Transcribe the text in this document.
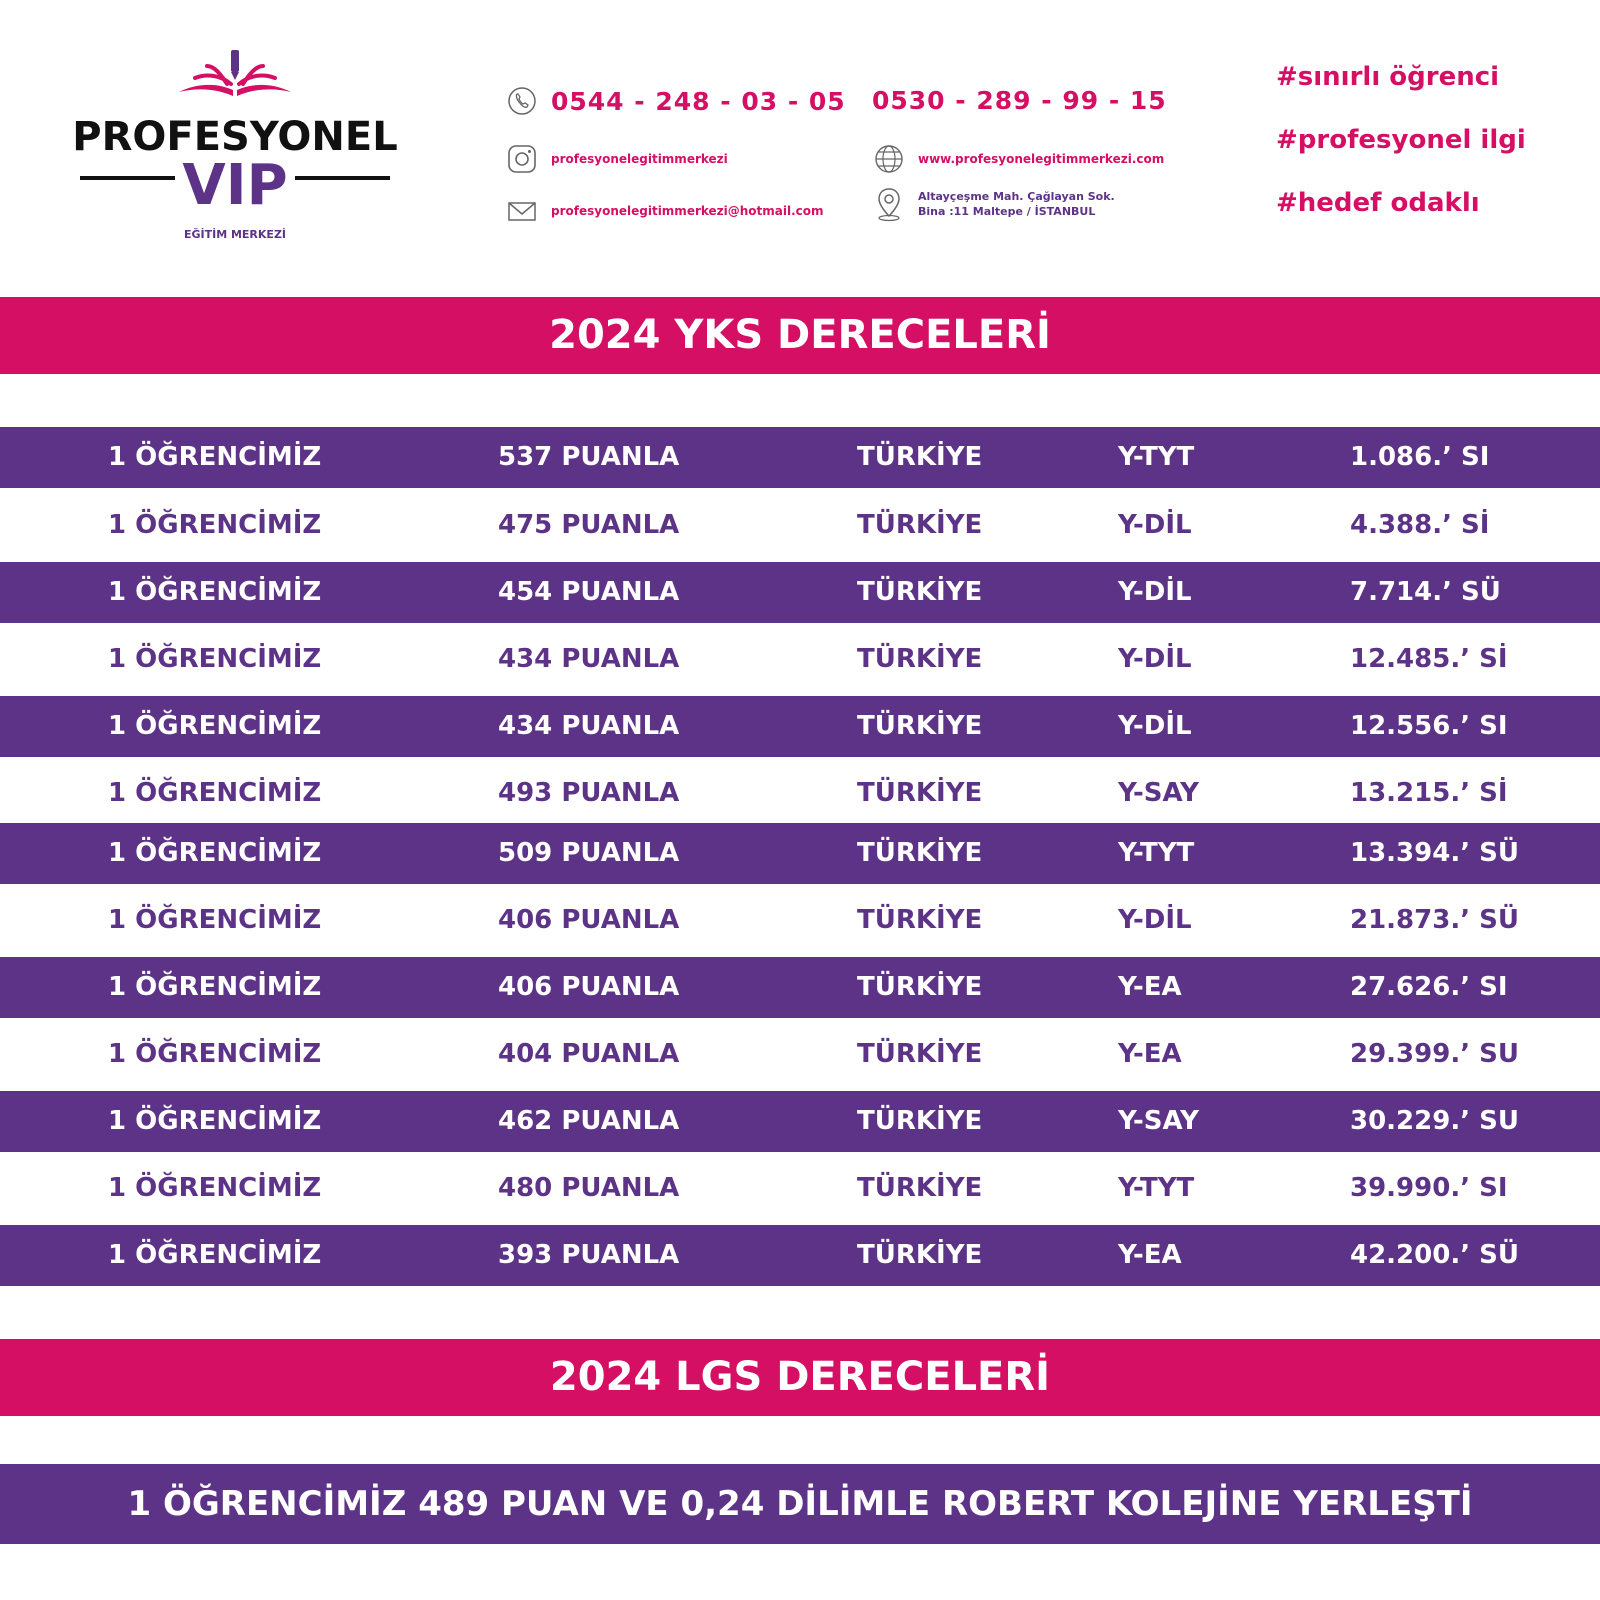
PROFESYONEL
VIP
EĞİTİM MERKEZİ
0544 - 248 - 03 - 05 0530 - 289 - 99 - 15
profesyonelegitimmerkezi	www.profesyonelegitimmerkezi.com
profesyonelegitimmerkezi@hotmail.com
Altayçeşme Mah. Çağlayan Sok.
Bina :11 Maltepe / İSTANBUL
#sınırlı öğrenci
#profesyonel ilgi
#hedef odaklı
2024 YKS DERECELERİ
1 ÖĞRENCİMİZ	537 PUANLA	TÜRKİYE	Y-TYT	1.086.’ SI
1 ÖĞRENCİMİZ	475 PUANLA	TÜRKİYE	Y-DİL	4.388.’ Sİ
1 ÖĞRENCİMİZ	454 PUANLA	TÜRKİYE	Y-DİL	7.714.’ SÜ
1 ÖĞRENCİMİZ	434 PUANLA	TÜRKİYE	Y-DİL	12.485.’ Sİ
1 ÖĞRENCİMİZ	434 PUANLA	TÜRKİYE	Y-DİL	12.556.’ SI
1 ÖĞRENCİMİZ	493 PUANLA	TÜRKİYE	Y-SAY	13.215.’ Sİ
1 ÖĞRENCİMİZ	509 PUANLA	TÜRKİYE	Y-TYT	13.394.’ SÜ
1 ÖĞRENCİMİZ	406 PUANLA	TÜRKİYE	Y-DİL	21.873.’ SÜ
1 ÖĞRENCİMİZ	406 PUANLA	TÜRKİYE	Y-EA	27.626.’ SI
1 ÖĞRENCİMİZ	404 PUANLA	TÜRKİYE	Y-EA	29.399.’ SU
1 ÖĞRENCİMİZ	462 PUANLA	TÜRKİYE	Y-SAY	30.229.’ SU
1 ÖĞRENCİMİZ	480 PUANLA	TÜRKİYE	Y-TYT	39.990.’ SI
1 ÖĞRENCİMİZ	393 PUANLA	TÜRKİYE	Y-EA	42.200.’ SÜ
2024 LGS DERECELERİ
1 ÖĞRENCİMİZ 489 PUAN VE 0,24 DİLİMLE ROBERT KOLEJİNE YERLEŞTİ
